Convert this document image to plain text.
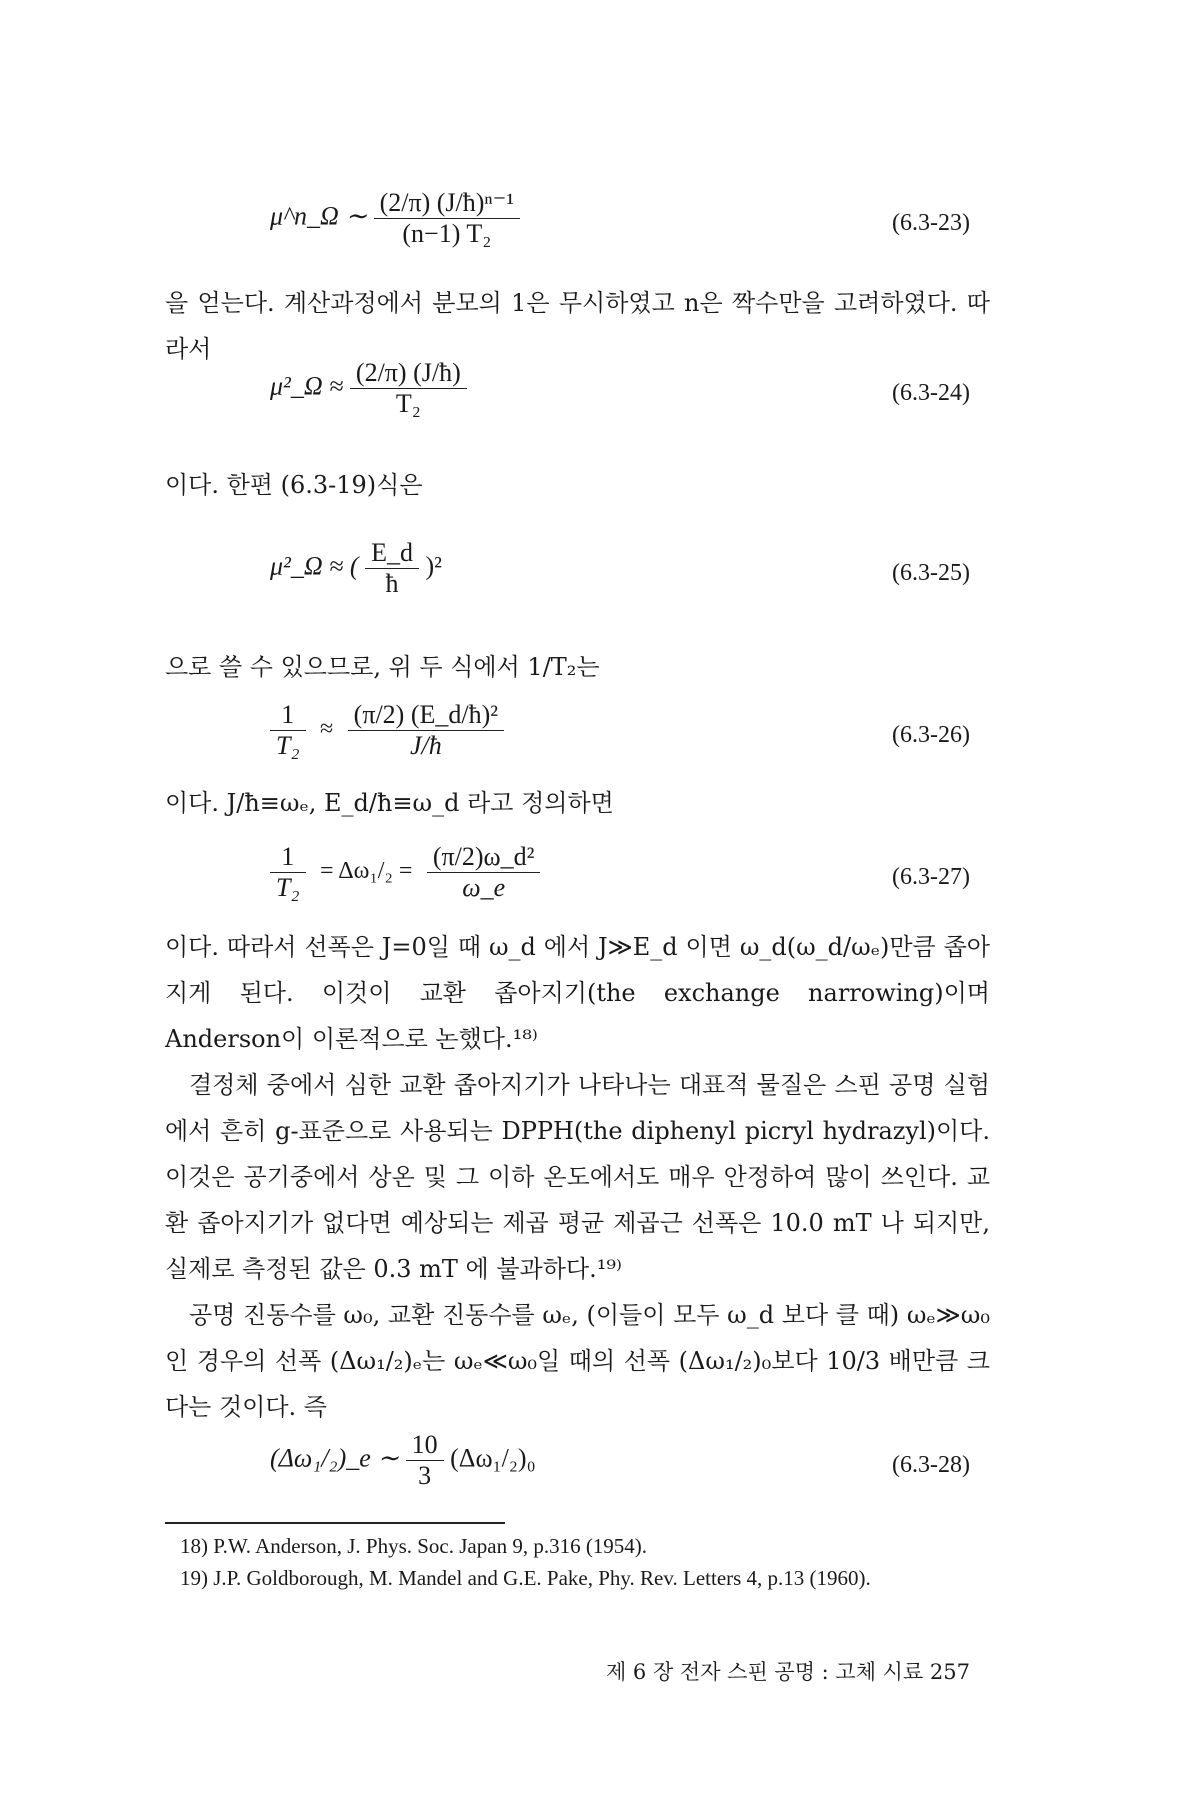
μ^n_Ω ∼ $\frac{\text{(2/π) (J/ħ)ⁿ⁻¹}}{\text{(n−1) T₂}}$	(6.3-23)
을 얻는다. 계산과정에서 분모의 1은 무시하였고 n은 짝수만을 고려하였다. 따라서
μ²_Ω ≈ $\frac{(2/\pi) (J/ħ)}{\text{T₂}}$	(6.3-24)
이다. 한편 (6.3-19)식은
μ²_Ω ≈ ( $\frac{E\_d}{ħ} )^2$	(6.3-25)
으로 쓸 수 있으므로, 위 두 식에서 1/T₂는
$\frac{1}{\text{T₂}} \approx \frac{\text{(π/2) (E\_d/ħ)²}}{J/ħ}$	(6.3-26)
이다. J/ħ≡ωₑ, E_d/ħ≡ω_d 라고 정의하면
$\frac{1}{\text{T₂}} = \Delta\omega_1/_2 = \frac{\text{(π/2)ω\_d²}}{\omega\_e}$	(6.3-27)
이다. 따라서 선폭은 J=0일 때 ω_d 에서 J≫E_d 이면 ω_d(ω_d/ωₑ)만큼 좁아지게 된다. 이것이 교환 좁아지기(the exchange narrowing)이며 Anderson이 이론적으로 논했다.¹⁸⁾
결정체 중에서 심한 교환 좁아지기가 나타나는 대표적 물질은 스핀 공명 실험에서 흔히 g-표준으로 사용되는 DPPH(the diphenyl picryl hydrazyl)이다. 이것은 공기중에서 상온 및 그 이하 온도에서도 매우 안정하여 많이 쓰인다. 교환 좁아지기가 없다면 예상되는 제곱 평균 제곱근 선폭은 10.0 mT 나 되지만, 실제로 측정된 값은 0.3 mT 에 불과하다.¹⁹⁾
공명 진동수를 ω₀, 교환 진동수를 ωₑ, (이들이 모두 ω_d 보다 클 때) ωₑ≫ω₀인 경우의 선폭 (Δω₁/₂)ₑ는 ωₑ≪ω₀일 때의 선폭 (Δω₁/₂)₀보다 10/3 배만큼 크다는 것이다. 즉
(Δω₁/₂)_e ∼ $\frac{10}{3} (\Delta\omega_1/_2)_0$	(6.3-28)
18) P.W. Anderson, J. Phys. Soc. Japan 9, p.316 (1954).
19) J.P. Goldborough, M. Mandel and G.E. Pake, Phy. Rev. Letters 4, p.13 (1960).
제 6 장 전자 스핀 공명 : 고체 시료 257
